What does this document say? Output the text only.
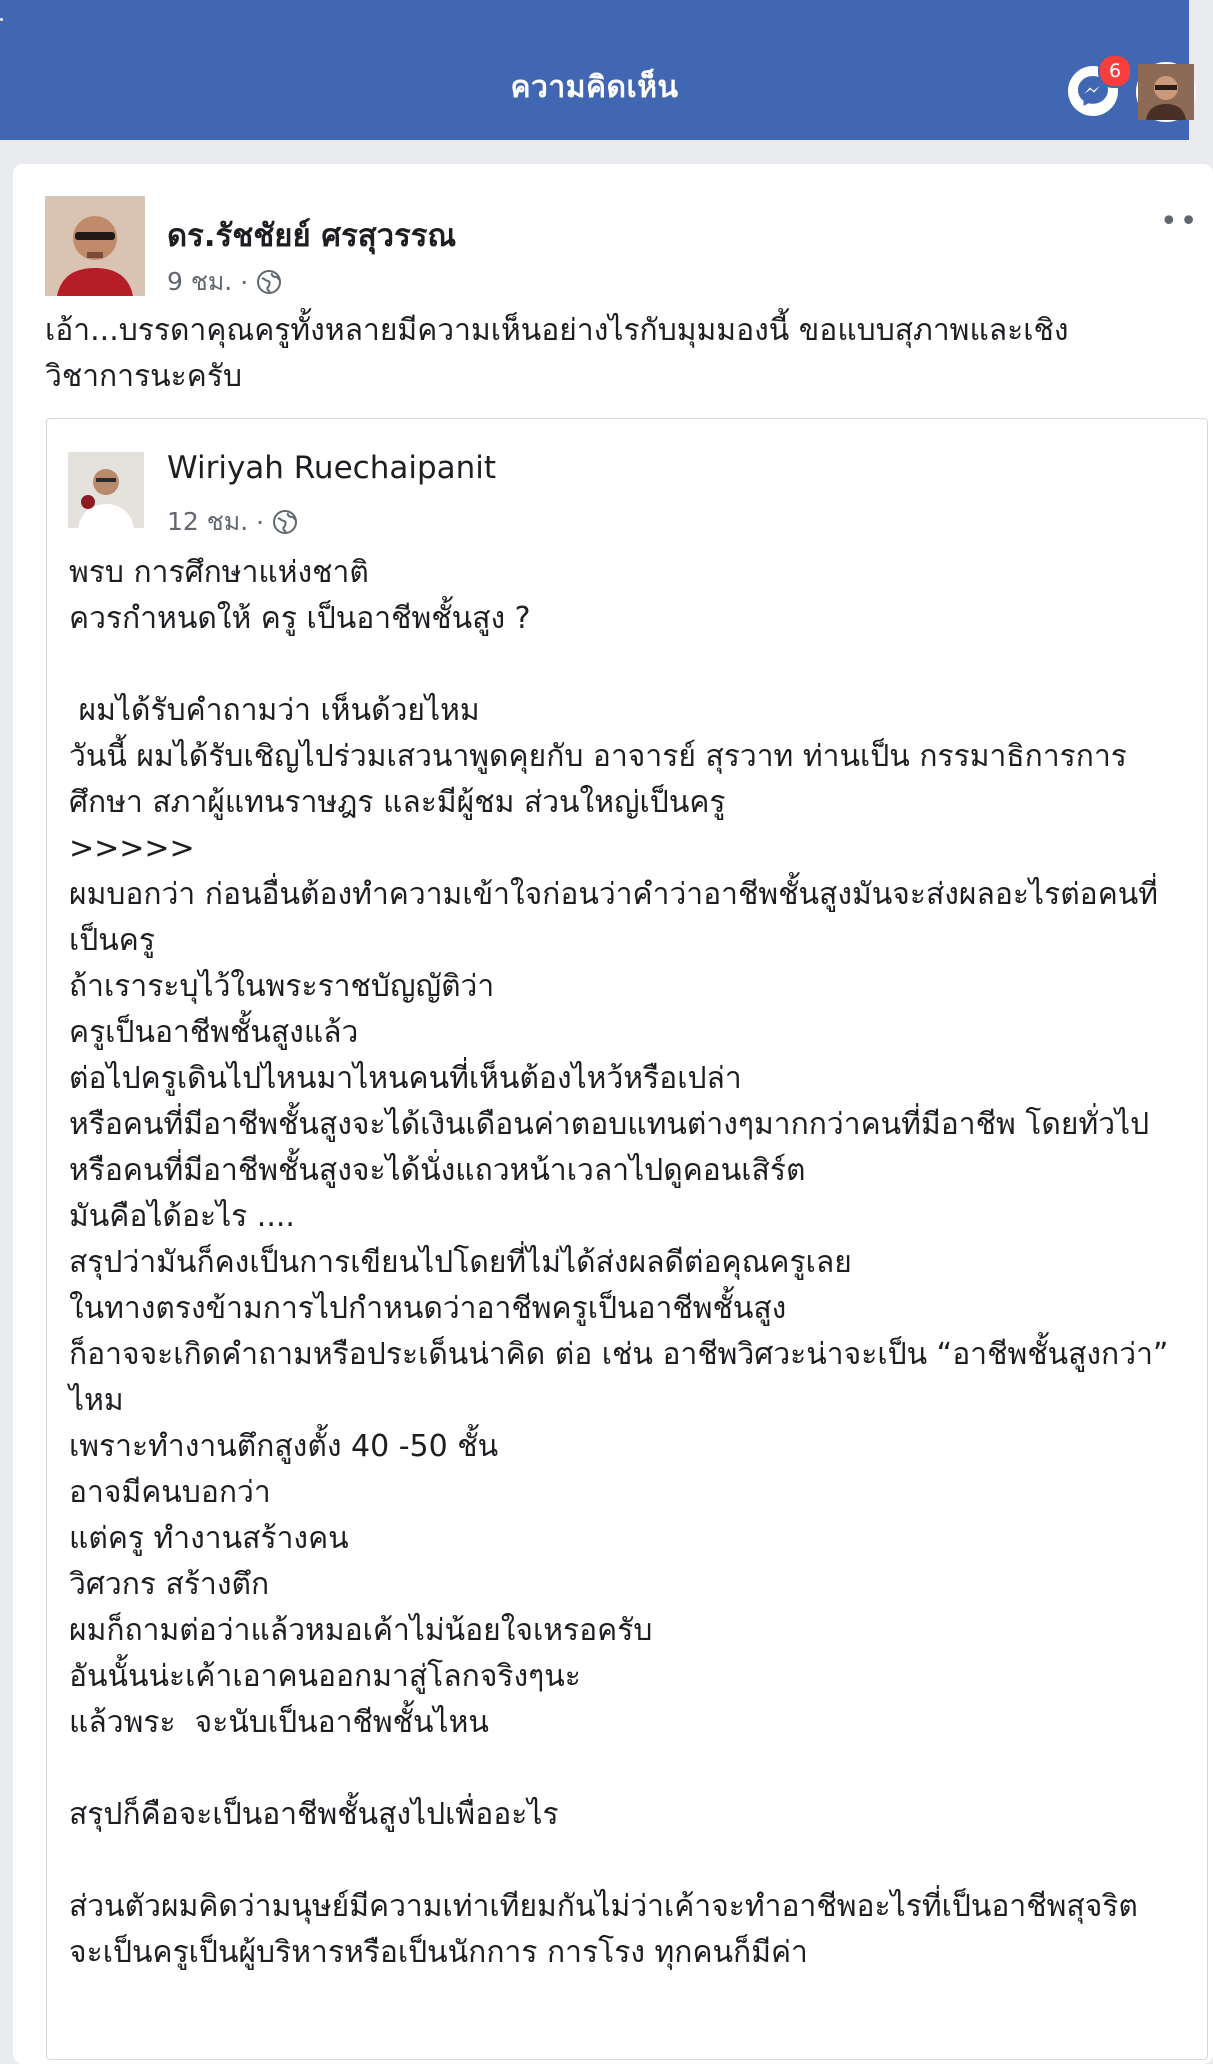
ความคิดเห็น	6
ดร.รัชชัยย์ ศรสุวรรณ
9 ชม. ·
••
เอ้า...บรรดาคุณครูทั้งหลายมีความเห็นอย่างไรกับมุมมองนี้ ขอแบบสุภาพและเชิงวิชาการนะครับ
Wiriyah Ruechaipanit
12 ชม. ·

พรบ การศึกษาแห่งชาติ

ควรกำหนดให้ ครู เป็นอาชีพชั้นสูง ?

ผมได้รับคำถามว่า เห็นด้วยไหม

วันนี้ ผมได้รับเชิญไปร่วมเสวนาพูดคุยกับ อาจารย์ สุรวาท ท่านเป็น กรรมาธิการการศึกษา สภาผู้แทนราษฎร และมีผู้ชม ส่วนใหญ่เป็นครู

>>>>>

ผมบอกว่า ก่อนอื่นต้องทำความเข้าใจก่อนว่าคำว่าอาชีพชั้นสูงมันจะส่งผลอะไรต่อคนที่เป็นครู

ถ้าเราระบุไว้ในพระราชบัญญัติว่า

ครูเป็นอาชีพชั้นสูงแล้ว

ต่อไปครูเดินไปไหนมาไหนคนที่เห็นต้องไหว้หรือเปล่า

หรือคนที่มีอาชีพชั้นสูงจะได้เงินเดือนค่าตอบแทนต่างๆมากกว่าคนที่มีอาชีพ โดยทั่วไป

หรือคนที่มีอาชีพชั้นสูงจะได้นั่งแถวหน้าเวลาไปดูคอนเสิร์ต

มันคือได้อะไร ....

สรุปว่ามันก็คงเป็นการเขียนไปโดยที่ไม่ได้ส่งผลดีต่อคุณครูเลย

ในทางตรงข้ามการไปกำหนดว่าอาชีพครูเป็นอาชีพชั้นสูง

ก็อาจจะเกิดคำถามหรือประเด็นน่าคิด ต่อ เช่น อาชีพวิศวะน่าจะเป็น “อาชีพชั้นสูงกว่า” ไหม

เพราะทำงานตึกสูงตั้ง 40 -50 ชั้น

อาจมีคนบอกว่า

แต่ครู ทำงานสร้างคน

วิศวกร สร้างตึก

ผมก็ถามต่อว่าแล้วหมอเค้าไม่น้อยใจเหรอครับ

อันนั้นน่ะเค้าเอาคนออกมาสู่โลกจริงๆนะ

แล้วพระ  จะนับเป็นอาชีพชั้นไหน

สรุปก็คือจะเป็นอาชีพชั้นสูงไปเพื่ออะไร

ส่วนตัวผมคิดว่ามนุษย์มีความเท่าเทียมกันไม่ว่าเค้าจะทำอาชีพอะไรที่เป็นอาชีพสุจริต

จะเป็นครูเป็นผู้บริหารหรือเป็นนักการ การโรง ทุกคนก็มีค่า
